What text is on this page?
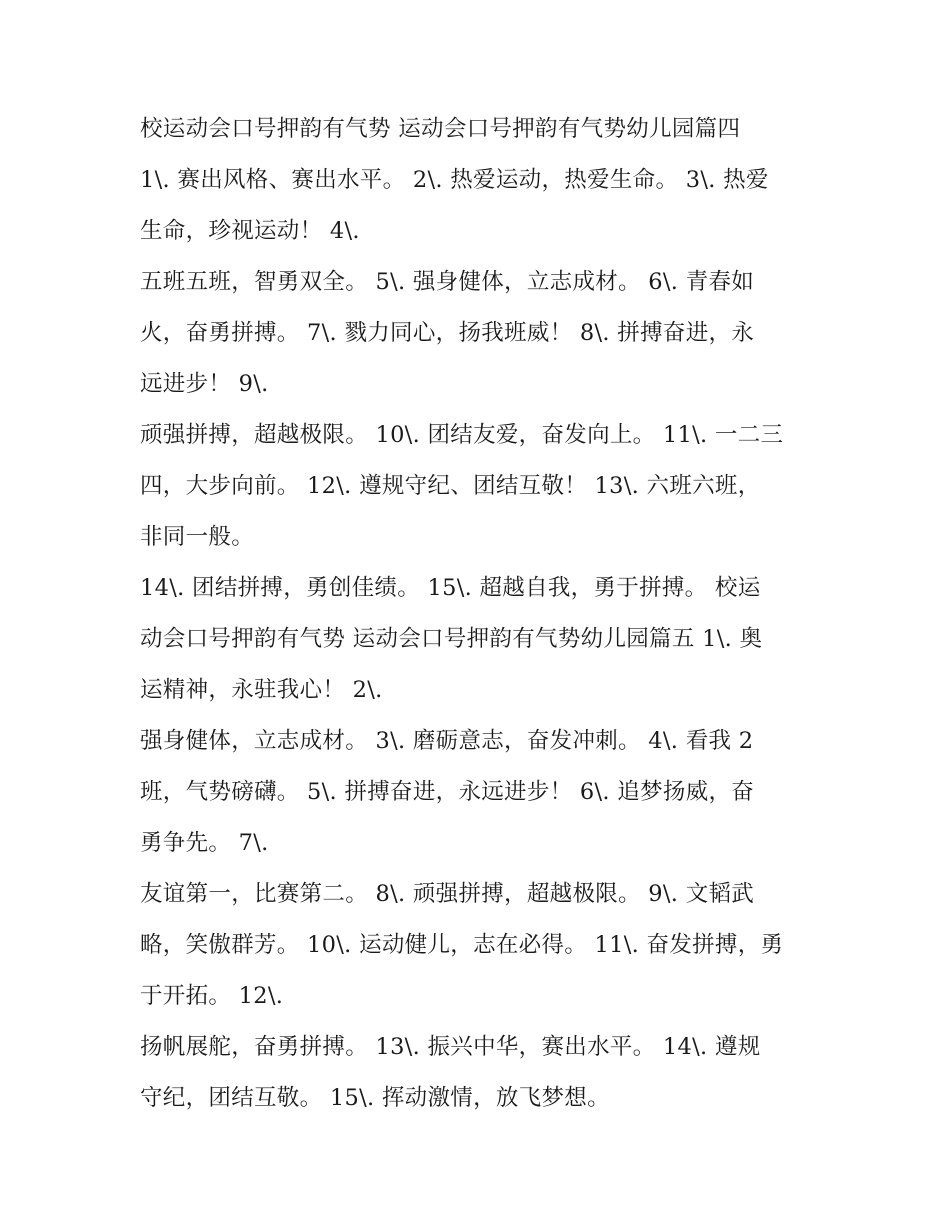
校运动会口号押韵有气势 运动会口号押韵有气势幼儿园篇四
1\. 赛出风格、赛出水平。 2\. 热爱运动，热爱生命。 3\. 热爱
生命，珍视运动！ 4\.
五班五班，智勇双全。 5\. 强身健体，立志成材。 6\. 青春如
火，奋勇拼搏。 7\. 戮力同心，扬我班威！ 8\. 拼搏奋进，永
远进步！ 9\.
顽强拼搏，超越极限。 10\. 团结友爱，奋发向上。 11\. 一二三
四，大步向前。 12\. 遵规守纪、团结互敬！ 13\. 六班六班，
非同一般。
14\. 团结拼搏，勇创佳绩。 15\. 超越自我，勇于拼搏。 校运
动会口号押韵有气势 运动会口号押韵有气势幼儿园篇五 1\. 奥
运精神，永驻我心！ 2\.
强身健体，立志成材。 3\. 磨砺意志，奋发冲刺。 4\. 看我 2
班，气势磅礴。 5\. 拼搏奋进，永远进步！ 6\. 追梦扬威，奋
勇争先。 7\.
友谊第一，比赛第二。 8\. 顽强拼搏，超越极限。 9\. 文韬武
略，笑傲群芳。 10\. 运动健儿，志在必得。 11\. 奋发拼搏，勇
于开拓。 12\.
扬帆展舵，奋勇拼搏。 13\. 振兴中华，赛出水平。 14\. 遵规
守纪，团结互敬。 15\. 挥动激情，放飞梦想。
